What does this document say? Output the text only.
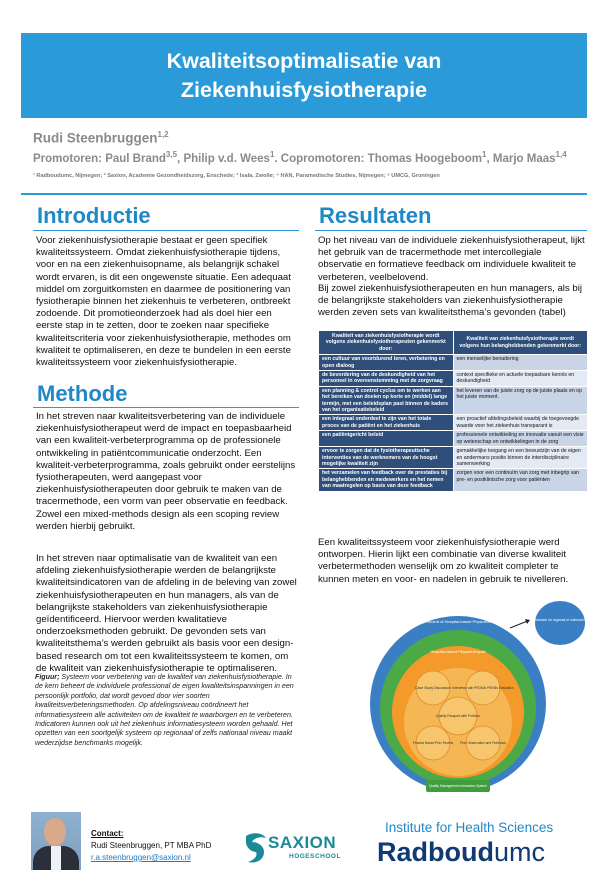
Kwaliteitsoptimalisatie van
Ziekenhuisfysiotherapie
Rudi Steenbruggen$^{1,2}$
Promotoren: Paul Brand$^{3,5}$, Philip v.d. Wees$^1$. Copromotoren: Thomas Hoogeboom$^1$, Marjo Maas$^{1,4}$
¹ Radboudumc, Nijmegen; ² Saxion, Academie Gezondheidszorg, Enschede; ³ Isala, Zwolle; ⁴ HAN, Paramedische Studies, Nijmegen; ⁵ UMCG, Groningen
Introductie
Voor ziekenhuisfysiotherapie bestaat er geen specifiek kwaliteitssysteem. Omdat ziekenhuisfysiotherapie tijdens, voor en na een ziekenhuisopname, als belangrijk schakel wordt ervaren, is dit een ongewenste situatie. Een adequaat middel om zorguitkomsten en daarmee de positionering van fysiotherapie binnen het ziekenhuis te verbeteren, ontbreekt zodoende. Dit promotieonderzoek had als doel hier een eerste stap in te zetten, door te zoeken naar specifieke kwaliteitscriteria voor ziekenhuisfysiotherapie, methodes om kwaliteit te optimaliseren, en deze te bundelen in een eerste kwaliteitssysteem voor ziekenhuisfysiotherapie.
Methode
In het streven naar kwaliteitsverbetering van de individuele ziekenhuisfysiotherapeut werd de impact en toepasbaarheid van een kwaliteit-verbeterprogramma op de professionele ontwikkeling in patiëntcommunicatie onderzocht. Een kwaliteit-verbeterprogramma, zoals gebruikt onder eerstelijns fysiotherapeuten, werd aangepast voor ziekenhuisfysiotherapeuten door gebruik te maken van de tracermethode, een vorm van peer observatie en feedback. Zowel een mixed-methods design als een scoping review werden hierbij gebruikt.
In het streven naar optimalisatie van de kwaliteit van een afdeling ziekenhuisfysiotherapie werden de belangrijkste kwaliteitsindicatoren van de afdeling in de beleving van zowel ziekenhuisfysiotherapeuten en hun managers, als van de belangrijkste stakeholders van ziekenhuisfysiotherapie geïdentificeerd. Hiervoor werden kwalitatieve onderzoeksmethoden gebruikt. De gevonden sets van kwaliteitsthema’s werden gebruikt als basis voor een design-based research om tot een kwaliteitssysteem te komen, om de kwaliteit van ziekenhuisfysiotherapie te optimaliseren.
Figuur; Systeem voor verbetering van de kwaliteit van ziekenhuisfysiotherapie. In de kern beheert de individuele professional de eigen kwaliteitsinspanningen in een persoonlijk portfolio, dat wordt gevoed door vier soorten kwaliteitsverbeteringsmethoden. Op afdelingsniveau coördineert het informatiesysteem alle activiteiten om de kwaliteit te waarborgen en te verbeteren. Indicatoren kunnen ook uit het ziekenhuis informatiesysteem worden gehaald. Het opzetten van een soortgelijk systeem op regionaal of zelfs nationaal niveau maakt wederzijdse benchmarks mogelijk.
Resultaten
Op het niveau van de individuele ziekenhuisfysiotherapeut, lijkt het gebruik van de tracermethode met intercollegiale observatie en formatieve feedback om individuele kwaliteit te verbeteren, veelbelovend.
Bij zowel ziekenhuisfysiotherapeuten en hun managers, als bij de belangrijkste stakeholders van ziekenhuisfysiotherapie werden zeven sets van kwaliteitsthema’s gevonden (tabel)
Kwaliteit van ziekenhuisfysiotherapie wordt volgens ziekenhuisfysiotherapeuten gekenmerkt door:	Kwaliteit van ziekenhuisfysiotherapie wordt volgens hun belanghebbenden gekenmerkt door:
een cultuur van voortdurend leren, verbetering en open dialoog	een menselijke benadering
de bevordering van de deskundigheid van het personeel in overeenstemming met de zorgvraag	context specifieke en actuele toepasbare kennis en deskundigheid
een planning & control cyclus om te werken aan het bereiken van doelen op korte en (middel) lange termijn, met een beleidsplan past binnen de kaders van het organisatiebeleid	het leveren van de juiste zorg op de juiste plaats en op het juiste moment.
een integraal onderdeel te zijn van het totale proces van de patiënt en het ziekenhuis	een proactief afdelingsbeleid waarbij de toegevoegde waarde voor het ziekenhuis transparant is
een patiëntgericht beleid	professionele ontwikkeling en innovatie vanuit een visie op wetenschap en ontwikkelingen in de zorg
ervoor te zorgen dat de fysiotherapeutische interventies van de werknemers van de hoogst mogelijke kwaliteit zijn	gemakkelijke toegang en een bewustzijn van de eigen en andermans positie binnen de interdisciplinaire samenwerking
het verzamelen van feedback over de prestaties bij belanghebbenden en medewerkers en het nemen van maatregelen op basis van deze feedback	zorgen voor een continuïm van zorg met inbegrip van pre- en postklinische zorg voor patiënten
Een kwaliteitssysteem voor ziekenhuisfysiotherapie werd ontworpen. Hierin lijkt een combinatie van diverse kwaliteit verbetermethoden wenselijk om zo kwaliteit completer te kunnen meten en voor- en nadelen in gebruik te nivelleren.
Hospital Information System
Department of Hospital-based Physiotherapy
Hospital-based Physiotherapist
Case Study Discussion Interviews with PROMs/ PREMs Evaluation
Practice Based Peer Review Peer Observation and Feedback
Quality Passport with Portfolio
Quality Management Information System
Benchmark on regional or national level
Contact:
Rudi Steenbruggen, PT MBA PhD
r.a.steenbruggen@saxion.nl
SAXION
HOGESCHOOL
Institute for Health Sciences
Radboudumc
